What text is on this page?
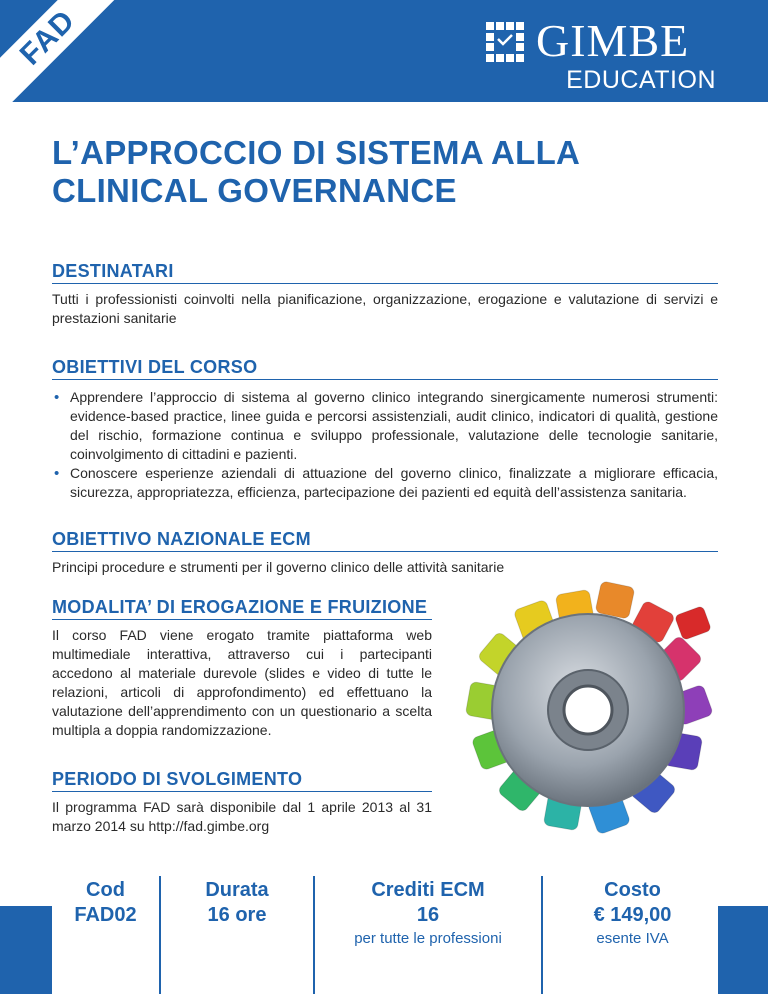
FAD	GIMBE
EDUCATION
L’APPROCCIO DI SISTEMA ALLA
CLINICAL GOVERNANCE
DESTINATARI

Tutti i professionisti coinvolti nella pianificazione, organizzazione, erogazione e valutazione di servizi e prestazioni sanitarie

OBIETTIVI DEL CORSO
• Apprendere l’approccio di sistema al governo clinico integrando sinergicamente numerosi strumenti: evidence-based practice, linee guida e percorsi assistenziali, audit clinico, indicatori di qualità, gestione del rischio, formazione continua e sviluppo professionale, valutazione delle tecnologie sanitarie, coinvolgimento di cittadini e pazienti.
• Conoscere esperienze aziendali di attuazione del governo clinico, finalizzate a migliorare efficacia, sicurezza, appropriatezza, efficienza, partecipazione dei pazienti ed equità dell’assistenza sanitaria.
OBIETTIVO NAZIONALE ECM

Principi procedure e strumenti per il governo clinico delle attività sanitarie

MODALITA’ DI EROGAZIONE E FRUIZIONE

Il corso FAD viene erogato tramite piattaforma web multimediale interattiva, attraverso cui i partecipanti accedono al materiale durevole (slides e video di tutte le relazioni, articoli di approfondimento) ed effettuano la valutazione dell’apprendimento con un questionario a scelta multipla a doppia randomizzazione.

PERIODO DI SVOLGIMENTO

Il programma FAD sarà disponibile dal 1 aprile 2013 al 31 marzo 2014 su http://fad.gimbe.org

Cod
FAD02
Durata
16 ore
Crediti ECM
16
per tutte le professioni
Costo
€ 149,00
esente IVA
